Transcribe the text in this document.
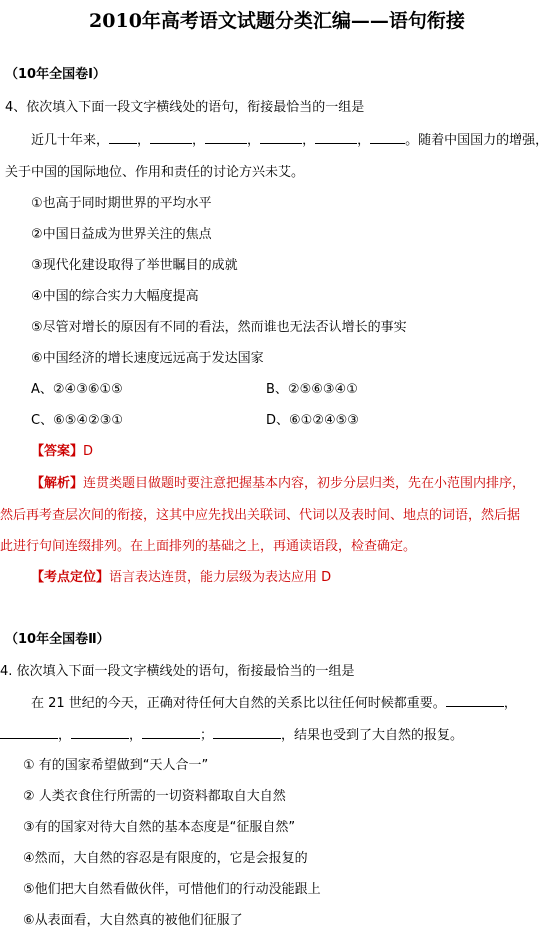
2010年高考语文试题分类汇编——语句衔接
（10年全国卷Ⅰ）
4、依次填入下面一段文字横线处的语句，衔接最恰当的一组是
近几十年来， ，	，	，	，	，	。随着中国国力的增强，
关于中国的国际地位、作用和责任的讨论方兴未艾。
①也高于同时期世界的平均水平
②中国日益成为世界关注的焦点
③现代化建设取得了举世瞩目的成就
④中国的综合实力大幅度提高
⑤尽管对增长的原因有不同的看法，然而谁也无法否认增长的事实
⑥中国经济的增长速度远远高于发达国家
A、②④③⑥①⑤	B、②⑤⑥③④①
C、⑥⑤④②③①	D、⑥①②④⑤③
【答案】D
【解析】连贯类题目做题时要注意把握基本内容，初步分层归类，先在小范围内排序，
然后再考查层次间的衔接，这其中应先找出关联词、代词以及表时间、地点的词语，然后据
此进行句间连缀排列。在上面排列的基础之上，再通读语段，检查确定。
【考点定位】语言表达连贯，能力层级为表达应用 D
（10年全国卷Ⅱ）
4. 依次填入下面一段文字横线处的语句，衔接最恰当的一组是
在 21 世纪的今天，正确对待任何大自然的关系比以往任何时候都重要。	，
，	，	；	，结果也受到了大自然的报复。
① 有的国家希望做到“天人合一”
② 人类衣食住行所需的一切资料都取自大自然
③有的国家对待大自然的基本态度是“征服自然”
④然而，大自然的容忍是有限度的，它是会报复的
⑤他们把大自然看做伙伴，可惜他们的行动没能跟上
⑥从表面看，大自然真的被他们征服了
